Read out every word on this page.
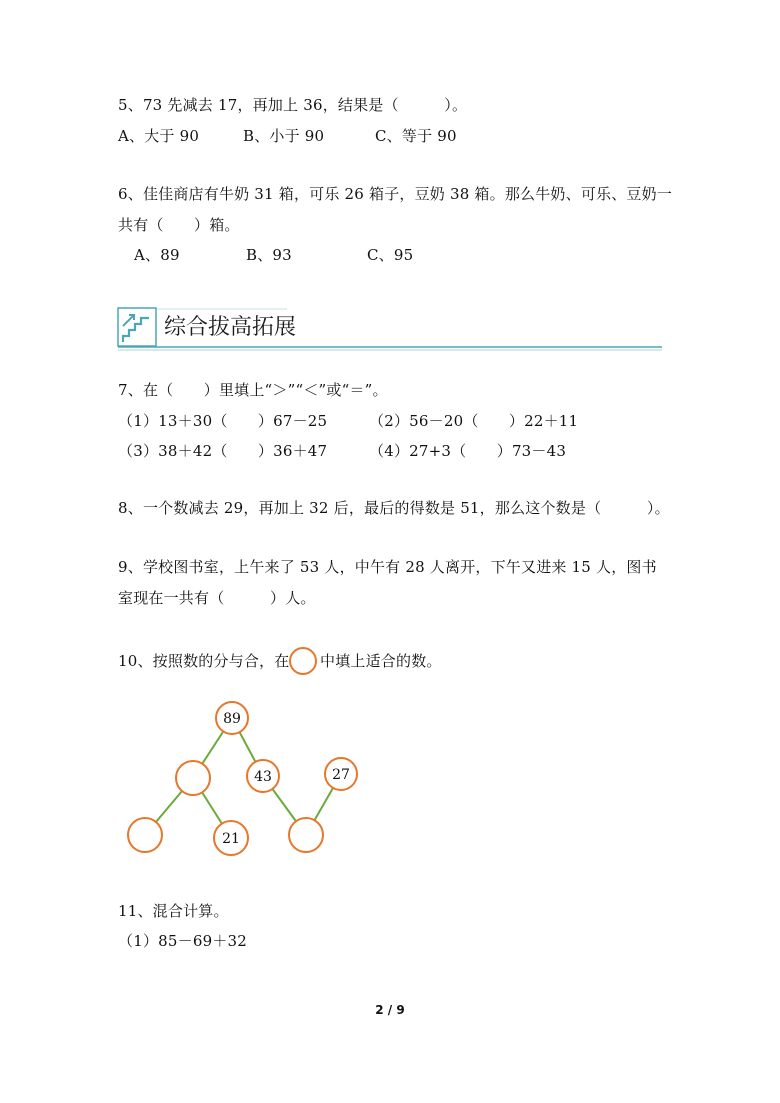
5、73 先减去 17，再加上 36，结果是（　　　）。
A、大于 90	B、小于 90	C、等于 90
6、佳佳商店有牛奶 31 箱，可乐 26 箱子，豆奶 38 箱。那么牛奶、可乐、豆奶一
共有（　　）箱。
A、89	B、93	C、95
综合拔高拓展
7、在（　　）里填上“＞”“＜”或“＝”。
（1）13＋30（　　）67－25	（2）56－20（　　）22＋11
（3）38＋42（　　）36＋47	（4）27+3（　　）73－43
8、一个数减去 29，再加上 32 后，最后的得数是 51，那么这个数是（　　　）。
9、学校图书室，上午来了 53 人，中午有 28 人离开，下午又进来 15 人，图书
室现在一共有（　　　）人。
10、按照数的分与合，在 中填上适合的数。
89
43	27
21
11、混合计算。
（1）85－69＋32
2 / 9
